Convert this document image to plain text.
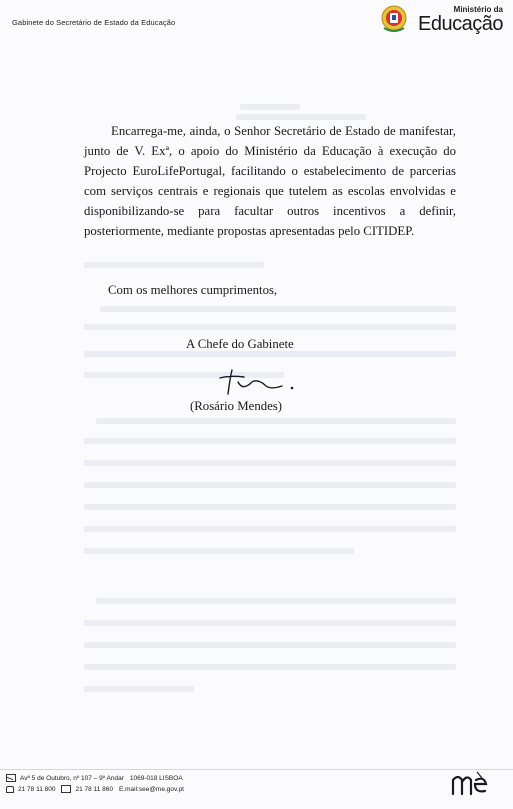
Gabinete do Secretário de Estado da Educação
Ministério da
Educação
Encarrega-me, ainda, o Senhor Secretário de Estado de manifestar, junto de V. Exª, o apoio do Ministério da Educação à execução do Projecto EuroLifePortugal, facilitando o estabelecimento de parcerias com serviços centrais e regionais que tutelem as escolas envolvidas e disponibilizando-se para facultar outros incentivos a definir, posteriormente, mediante propostas apresentadas pelo CITIDEP.
Com os melhores cumprimentos,
A Chefe do Gabinete
(Rosário Mendes)
Avª 5 de Outubro, nº 107 – 9º Andar 1069-018 LISBOA
21 78 11 800	21 78 11 860 E.mail:see@me.gov.pt
